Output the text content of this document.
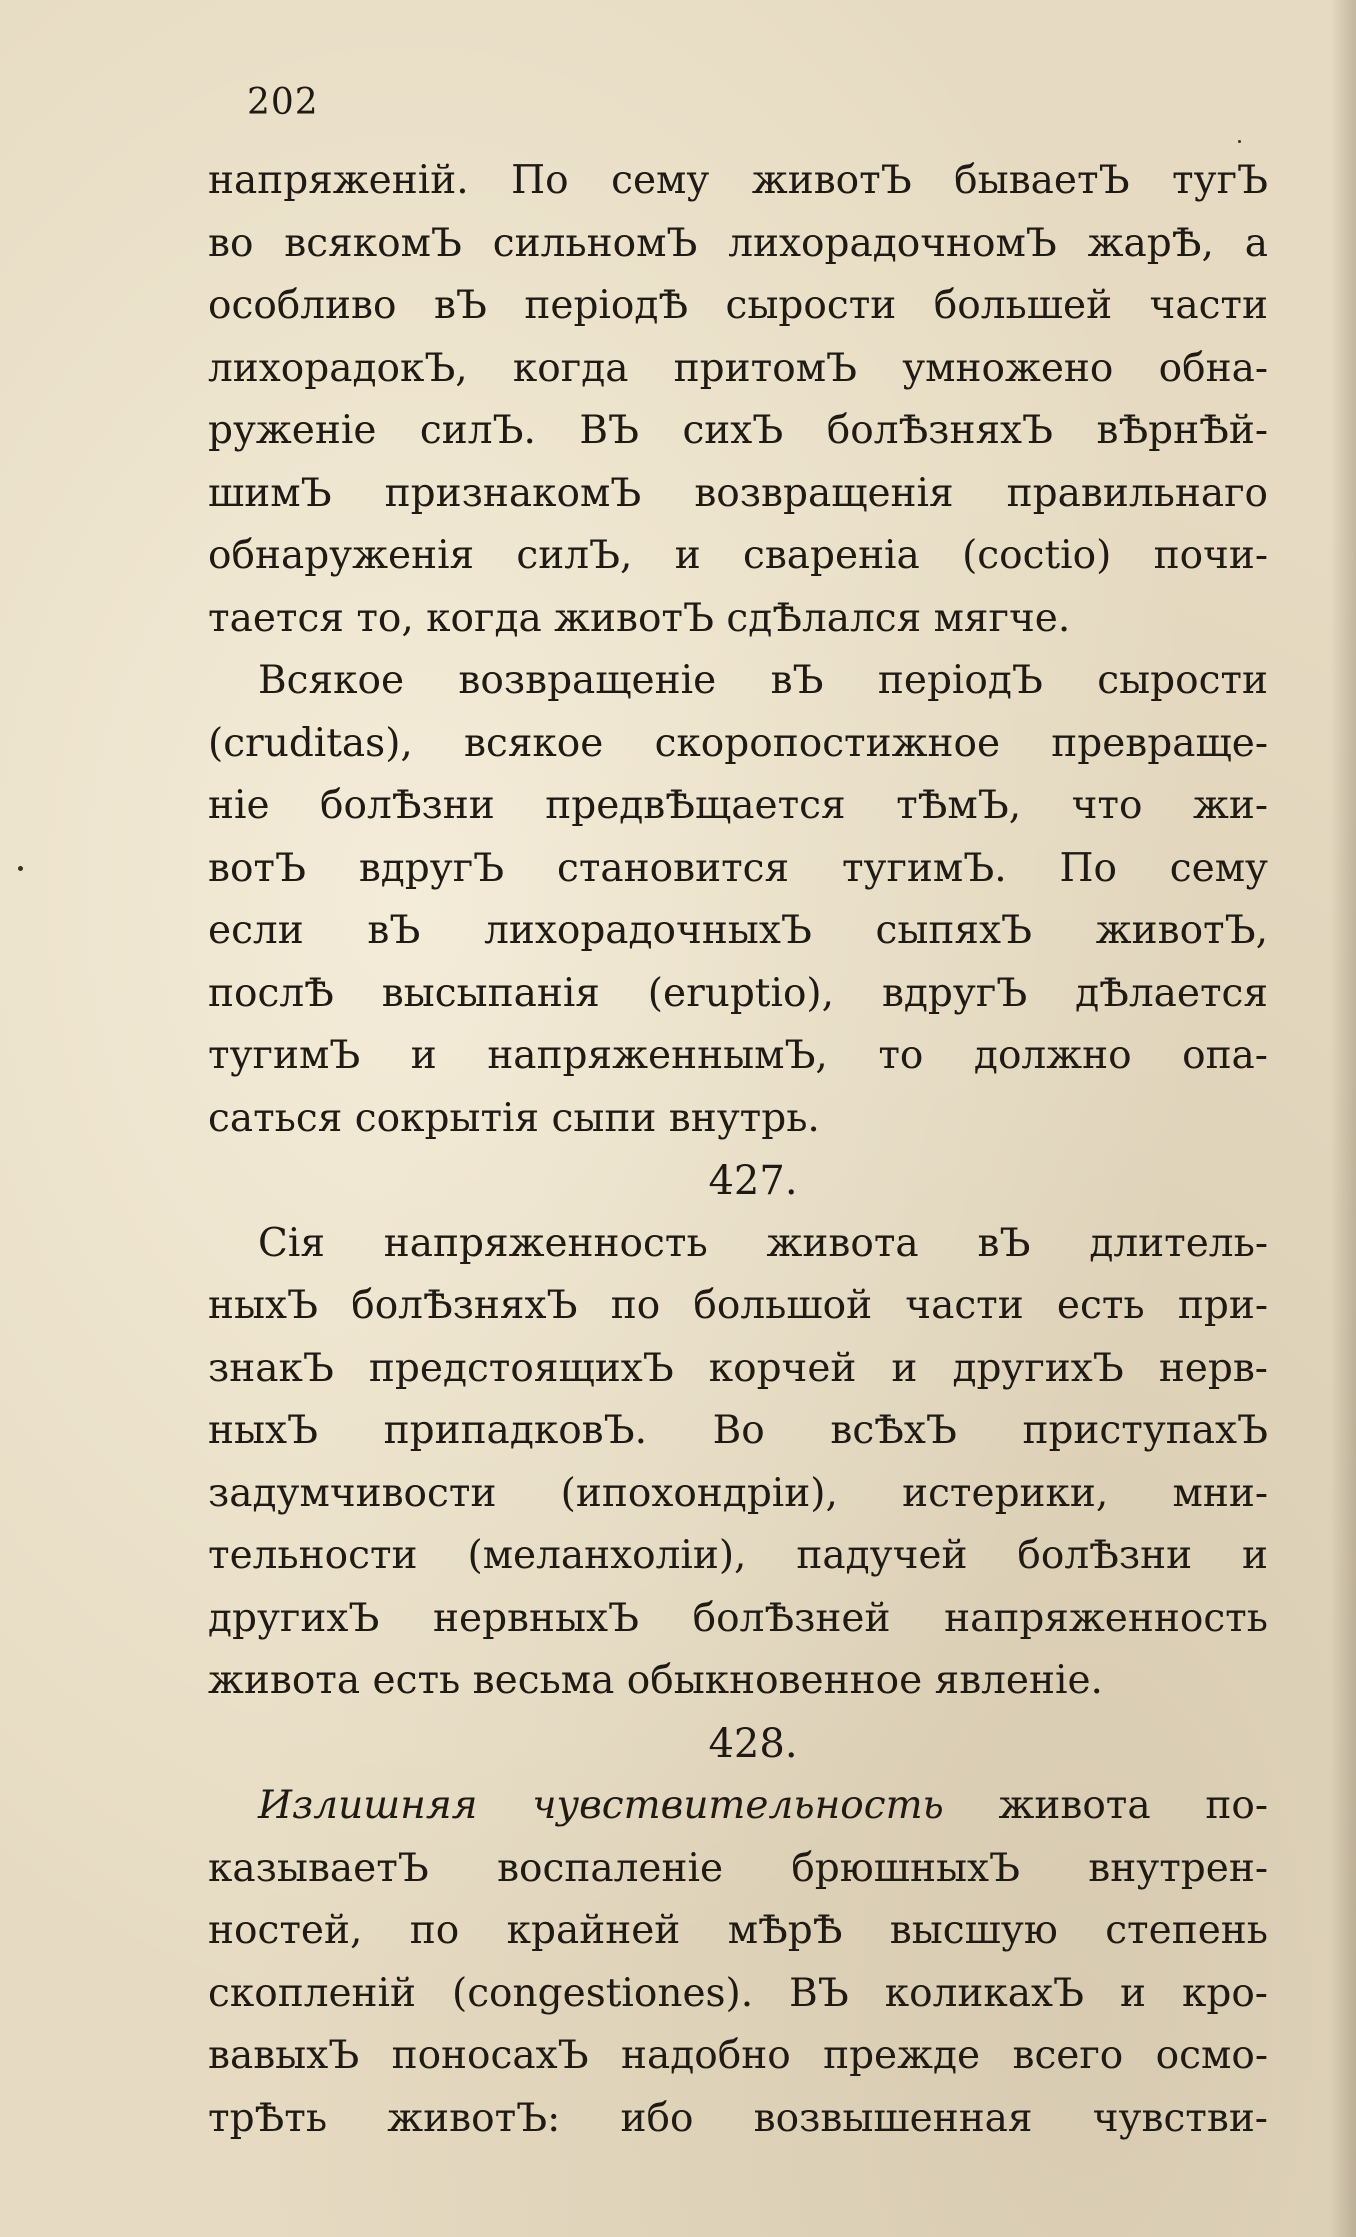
202
напряженій. По сему животЪ бываетЪ тугЪ
во всякомЪ сильномЪ лихорадочномЪ жарѢ, а
особливо вЪ періодѢ сырости большей части
лихорадокЪ, когда притомЪ умножено обна-
руженіе силЪ. ВЪ сихЪ болѢзняхЪ вѢрнѢй-
шимЪ признакомЪ возвращенія правильнаго
обнаруженія силЪ, и свареніа (coctio) почи-
тается то, когда животЪ сдѢлался мягче.
Всякое возвращеніе вЪ періодЪ сырости
(cruditas), всякое скоропостижное превраще-
ніе болѢзни предвѢщается тѢмЪ, что жи-
вотЪ вдругЪ становится тугимЪ. По сему
если вЪ лихорадочныхЪ сыпяхЪ животЪ,
послѢ высыпанія (eruptio), вдругЪ дѢлается
тугимЪ и напряженнымЪ, то должно опа-
саться сокрытія сыпи внутрь.
427.
Сія напряженность живота вЪ длитель-
ныхЪ болѢзняхЪ по большой части есть при-
знакЪ предстоящихЪ корчей и другихЪ нерв-
ныхЪ припадковЪ. Во всѢхЪ приступахЪ
задумчивости (ипохондріи), истерики, мни-
тельности (меланхоліи), падучей болѢзни и
другихЪ нервныхЪ болѢзней напряженность
живота есть весьма обыкновенное явленіе.
428.
Излишняя чувствительность живота по-
казываетЪ воспаленіе брюшныхЪ внутрен-
ностей, по крайней мѢрѢ высшую степень
скопленій (congestiones). ВЪ коликахЪ и кро-
вавыхЪ поносахЪ надобно прежде всего осмо-
трѢть животЪ: ибо возвышенная чувстви-
